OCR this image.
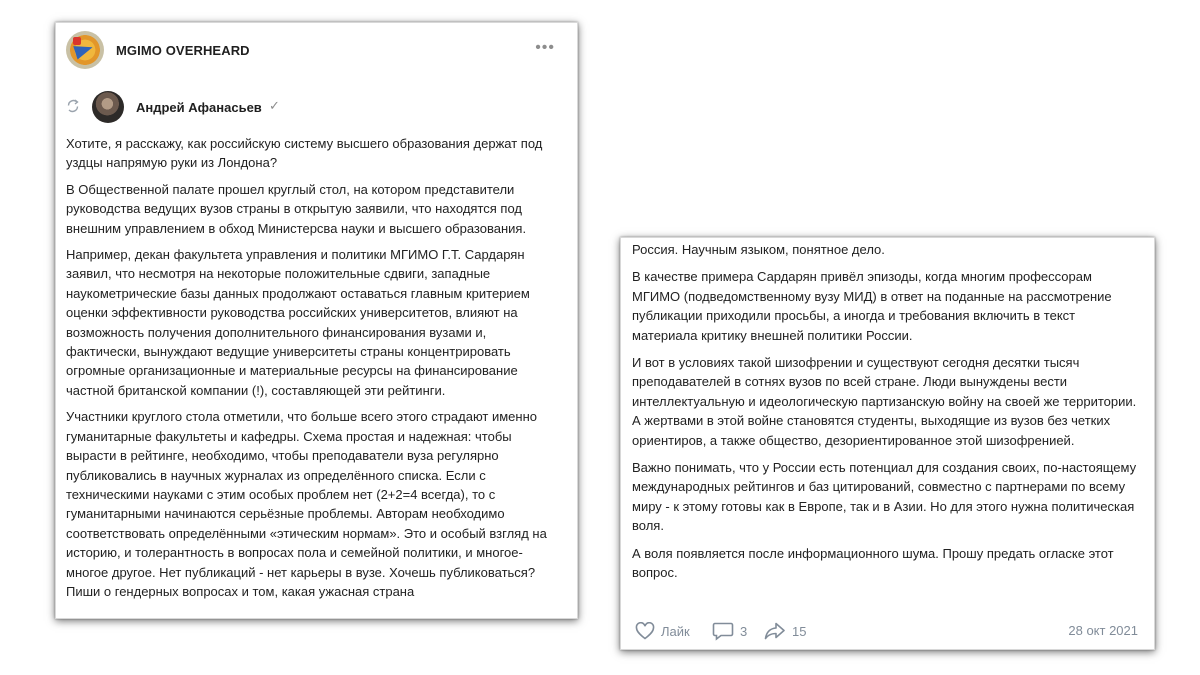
MGIMO OVERHEARD	•••
Андрей Афанасьев ✓

Хотите, я расскажу, как российскую систему высшего образования держат под уздцы напрямую руки из Лондона?

В Общественной палате прошел круглый стол, на котором представители руководства ведущих вузов страны в открытую заявили, что находятся под внешним управлением в обход Министерсва науки и высшего образования.

Например, декан факультета управления и политики МГИМО Г.Т. Сардарян заявил, что несмотря на некоторые положительные сдвиги, западные наукометрические базы данных продолжают оставаться главным критерием оценки эффективности руководства российских университетов, влияют на возможность получения дополнительного финансирования вузами и, фактически, вынуждают ведущие университеты страны концентрировать огромные организационные и материальные ресурсы на финансирование частной британской компании (!), составляющей эти рейтинги.

Участники круглого стола отметили, что больше всего этого страдают именно гуманитарные факультеты и кафедры. Схема простая и надежная: чтобы вырасти в рейтинге, необходимо, чтобы преподаватели вуза регулярно публиковались в научных журналах из определённого списка. Если с техническими науками с этим особых проблем нет (2+2=4 всегда), то с гуманитарными начинаются серьёзные проблемы. Авторам необходимо соответствовать определёнными «этическим нормам». Это и особый взгляд на историю, и толерантность в вопросах пола и семейной политики, и многое-многое другое. Нет публикаций - нет карьеры в вузе. Хочешь публиковаться? Пиши о гендерных вопросах и том, какая ужасная страна

Россия. Научным языком, понятное дело.

В качестве примера Сардарян привёл эпизоды, когда многим профессорам МГИМО (подведомственному вузу МИД) в ответ на поданные на рассмотрение публикации приходили просьбы, а иногда и требования включить в текст материала критику внешней политики России.

И вот в условиях такой шизофрении и существуют сегодня десятки тысяч преподавателей в сотнях вузов по всей стране. Люди вынуждены вести интеллектуальную и идеологическую партизанскую войну на своей же территории. А жертвами в этой войне становятся студенты, выходящие из вузов без четких ориентиров, а также общество, дезориентированное этой шизофренией.

Важно понимать, что у России есть потенциал для создания своих, по-настоящему международных рейтингов и баз цитирований, совместно с партнерами по всему миру - к этому готовы как в Европе, так и в Азии. Но для этого нужна политическая воля.

А воля появляется после информационного шума. Прошу предать огласке этот вопрос.

Лайк	3	15	28 окт 2021
